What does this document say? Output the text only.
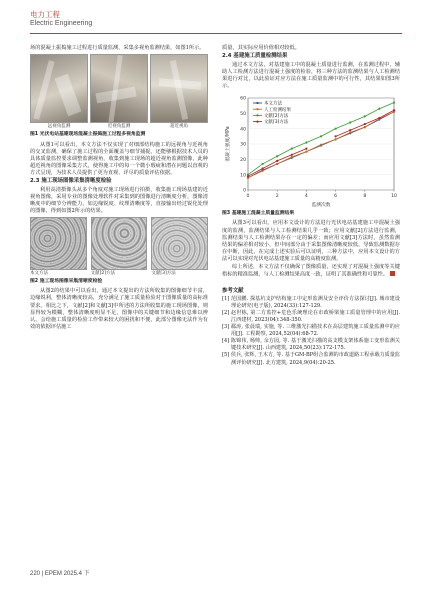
电力工程
Electric Engineering

场的混凝土振捣施工过程进行质量监测，采集多视角监测结果，如图1所示。

远视角监测	近视角监测	超近视角
图1 光伏电站基建现场混凝土振捣施工过程多视角监测

从图1可以看出，本文方法不仅实现了对细部结构施工的远视角与近视角的交叉监测，确保了施工过程的全面覆盖与细节捕捉。还能够根据技术人员的具体质量监控要求调整监测视角，收集到施工现场的超近视角监测图像，此种超近视角的图像采集方式，使得施工中的每一个微小瑕疵和潜在问题以直观的方式呈现，为技术人员提供了更为直观、详尽的质量评估依据。

2.3 施工现场图像采集清晰度检验

利用高清摄像头从多个角度对施工现场进行拍摄，收集施工现场基建的近视角图像，采用专业的图像处理软件对采集到的图像进行清晰度分析，图像清晰度中的细节分辨能力，如边缘锐度、纹理清晰度等，直接输出经过锐化处理的图像，得到如图2所示的结果。

本文方法	文献[2]方法	文献[3]方法
图2 施工现场图像采集清晰度检验

从图2的结果中可以看出，通过本文提出的方法所收集的图像细节丰富，边缘锐利，整体清晰度较高，充分满足了施工质量检验对于图像质量的高标准要求。相比之下，文献[2]和文献[3]中所述的方法所收集的施工现场图像，则显得较为模糊，整体清晰度明显不足，图像中的关键细节和边缘信息难以辨认，会给施工质量的检验工作带来较大的困扰和不便，此部分图像无法作为有效的依据评估施工

质量，其实际应用价值相对较低。

2.4 基建施工质量检测结果

通过本文方法，对基建施工中的混凝土质量进行监测，在监测过程中，辅助人工检测方法进行混凝土强度的检验，将三种方法的监测结果与人工检测结果进行对比，以此验证对应方法在施工质量监测中的可行性，其结果如图3所示。

0
10
20
30
40
50
60
0	2	4	6	8	10
监测次数
混凝土强度/MPa
本文方法
人工检测结果
文献[2]方法
文献[3]方法
图3 基建施工混凝土质量监测结果

从图3可以看出，应用本文设计的方法进行光伏电站基建施工中混凝土强度的监测，监测结果与人工检测结果几乎一致；应用文献[2]方法进行监测，监测结果与人工检测结果存在一定的偏差；而应用文献[3]方法时，虽然监测结果的偏差相对较小，但中间部分由于采集图像清晰度较低，导致监测数据存在中断，因此，在完成上述实验后可以证明，三种方法中，应用本文设计的方法可以实现对光伏电站基建施工质量的高精度监测。

综上所述，本文方法不仅确保了图像质量，还实现了对混凝土强度等关键指标的精准监测，与人工检测结果高度一致，证明了其准确性和可靠性。

参考文献
[1] 范国鹏. 探基坑支护结构施工中定形监测及安全评价方法探讨[J]. 城市建设理论研究(电子版), 2024(33):127-129.
[2] 赵世栋, 第二方监控+危色乐统理论在市政桥梁施工质量管理中的应用[J]. 江西建材, 2023(04):348-350.
[3] 郗涛, 张晨瑞, 实施, 等. 三维激光扫描技术在高层建筑施工质量监测中的应用[J]. 工程勘察, 2024,52(04):68-72.
[4] 陈锦伟, 杨帅, 余方园, 等. 基于激光扫描的高支模支架体系施工变形监测关键技术研究[J]. 山西建筑, 2024,50(23):172-175.
[5] 侯兵, 张辉, 王木方, 等. 基于GM-BP组合监测的市政道路工程承载力质量监测评价研究[J]. 北方建筑, 2024,9(04):20-25.
220 | EPEM 2025.4 下
